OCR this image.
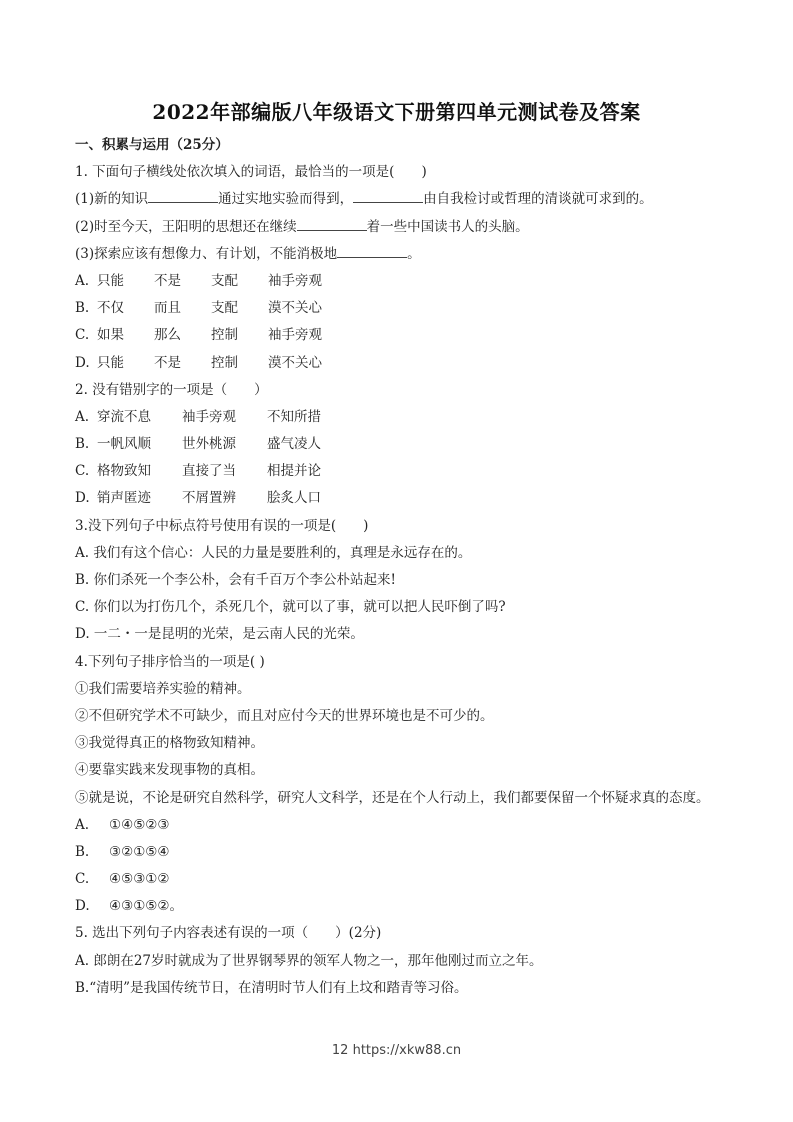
2022年部编版八年级语文下册第四单元测试卷及答案
一、积累与运用（25分）
1. 下面句子横线处依次填入的词语，最恰当的一项是(　　)
(1)新的知识	通过实地实验而得到，	由自我检讨或哲理的清谈就可求到的。
(2)时至今天，王阳明的思想还在继续	着一些中国读书人的头脑。
(3)探索应该有想像力、有计划，不能消极地	。
A. 只能 不是 支配 袖手旁观
B. 不仅 而且 支配 漠不关心
C. 如果 那么 控制 袖手旁观
D. 只能 不是 控制 漠不关心
2. 没有错别字的一项是（　　）
A. 穿流不息 袖手旁观 不知所措
B. 一帆风顺 世外桃源 盛气凌人
C. 格物致知 直接了当 相提并论
D. 销声匿迹 不屑置辨 脍炙人口
3.没下列句子中标点符号使用有误的一项是(　　)
A. 我们有这个信心：人民的力量是要胜利的，真理是永远存在的。
B. 你们杀死一个李公朴，会有千百万个李公朴站起来!
C. 你们以为打伤几个，杀死几个，就可以了事，就可以把人民吓倒了吗?
D. 一二・一是昆明的光荣，是云南人民的光荣。
4.下列句子排序恰当的一项是( )
①我们需要培养实验的精神。
②不但研究学术不可缺少，而且对应付今天的世界环境也是不可少的。
③我觉得真正的格物致知精神。
④要靠实践来发现事物的真相。
⑤就是说，不论是研究自然科学，研究人文科学，还是在个人行动上，我们都要保留一个怀疑求真的态度。
A. ①④⑤②③
B. ③②①⑤④
C. ④⑤③①②
D. ④③①⑤②。
5. 选出下列句子内容表述有误的一项（　　）(2分)
A. 郎朗在27岁时就成为了世界钢琴界的领军人物之一，那年他刚过而立之年。
B.“清明”是我国传统节日，在清明时节人们有上坟和踏青等习俗。
12 https://xkw88.cn
